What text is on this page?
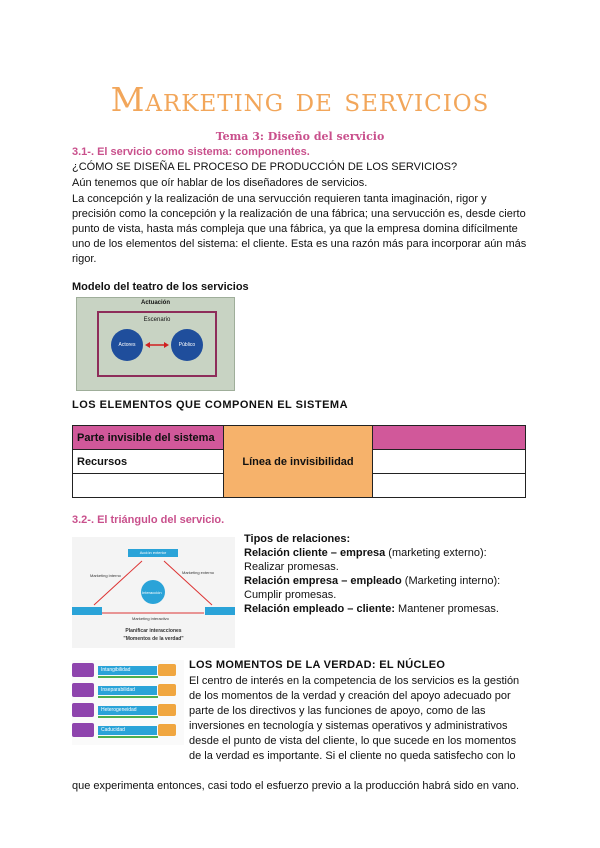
Marketing de servicios
Tema 3: Diseño del servicio
3.1-. El servicio como sistema: componentes.
¿CÓMO SE DISEÑA EL PROCESO DE PRODUCCIÓN DE LOS SERVICIOS?
Aún tenemos que oír hablar de los diseñadores de servicios.
La concepción y la realización de una servucción requieren tanta imaginación, rigor y precisión como la concepción y la realización de una fábrica; una servucción es, desde cierto punto de vista, hasta más compleja que una fábrica, ya que la empresa domina difícilmente uno de los elementos del sistema: el cliente. Esta es una razón más para incorporar aún más rigor.
Modelo del teatro de los servicios
Actuación
Escenario
Actores	Público
LOS ELEMENTOS QUE COMPONEN EL SISTEMA
Parte invisible del sistema	Línea de invisibilidad	
Recursos		

3.2-. El triángulo del servicio.
Acción exterior
Marketing interno
Marketing externo
Interacción
Marketing interactivo
Planificar interacciones
"Momentos de la verdad"
Tipos de relaciones:
Relación cliente – empresa (marketing externo):
Realizar promesas.
Relación empresa – empleado (Marketing interno):
Cumplir promesas.
Relación empleado – cliente: Mantener promesas.
Intangibilidad
Inseparabilidad
Heterogeneidad
Caducidad
LOS MOMENTOS DE LA VERDAD: EL NÚCLEO
El centro de interés en la competencia de los servicios es la gestión de los momentos de la verdad y creación del apoyo adecuado por parte de los directivos y las funciones de apoyo, como de las inversiones en tecnología y sistemas operativos y administrativos desde el punto de vista del cliente, lo que sucede en los momentos de la verdad es importante. Si el cliente no queda satisfecho con lo
que experimenta entonces, casi todo el esfuerzo previo a la producción habrá sido en vano.
